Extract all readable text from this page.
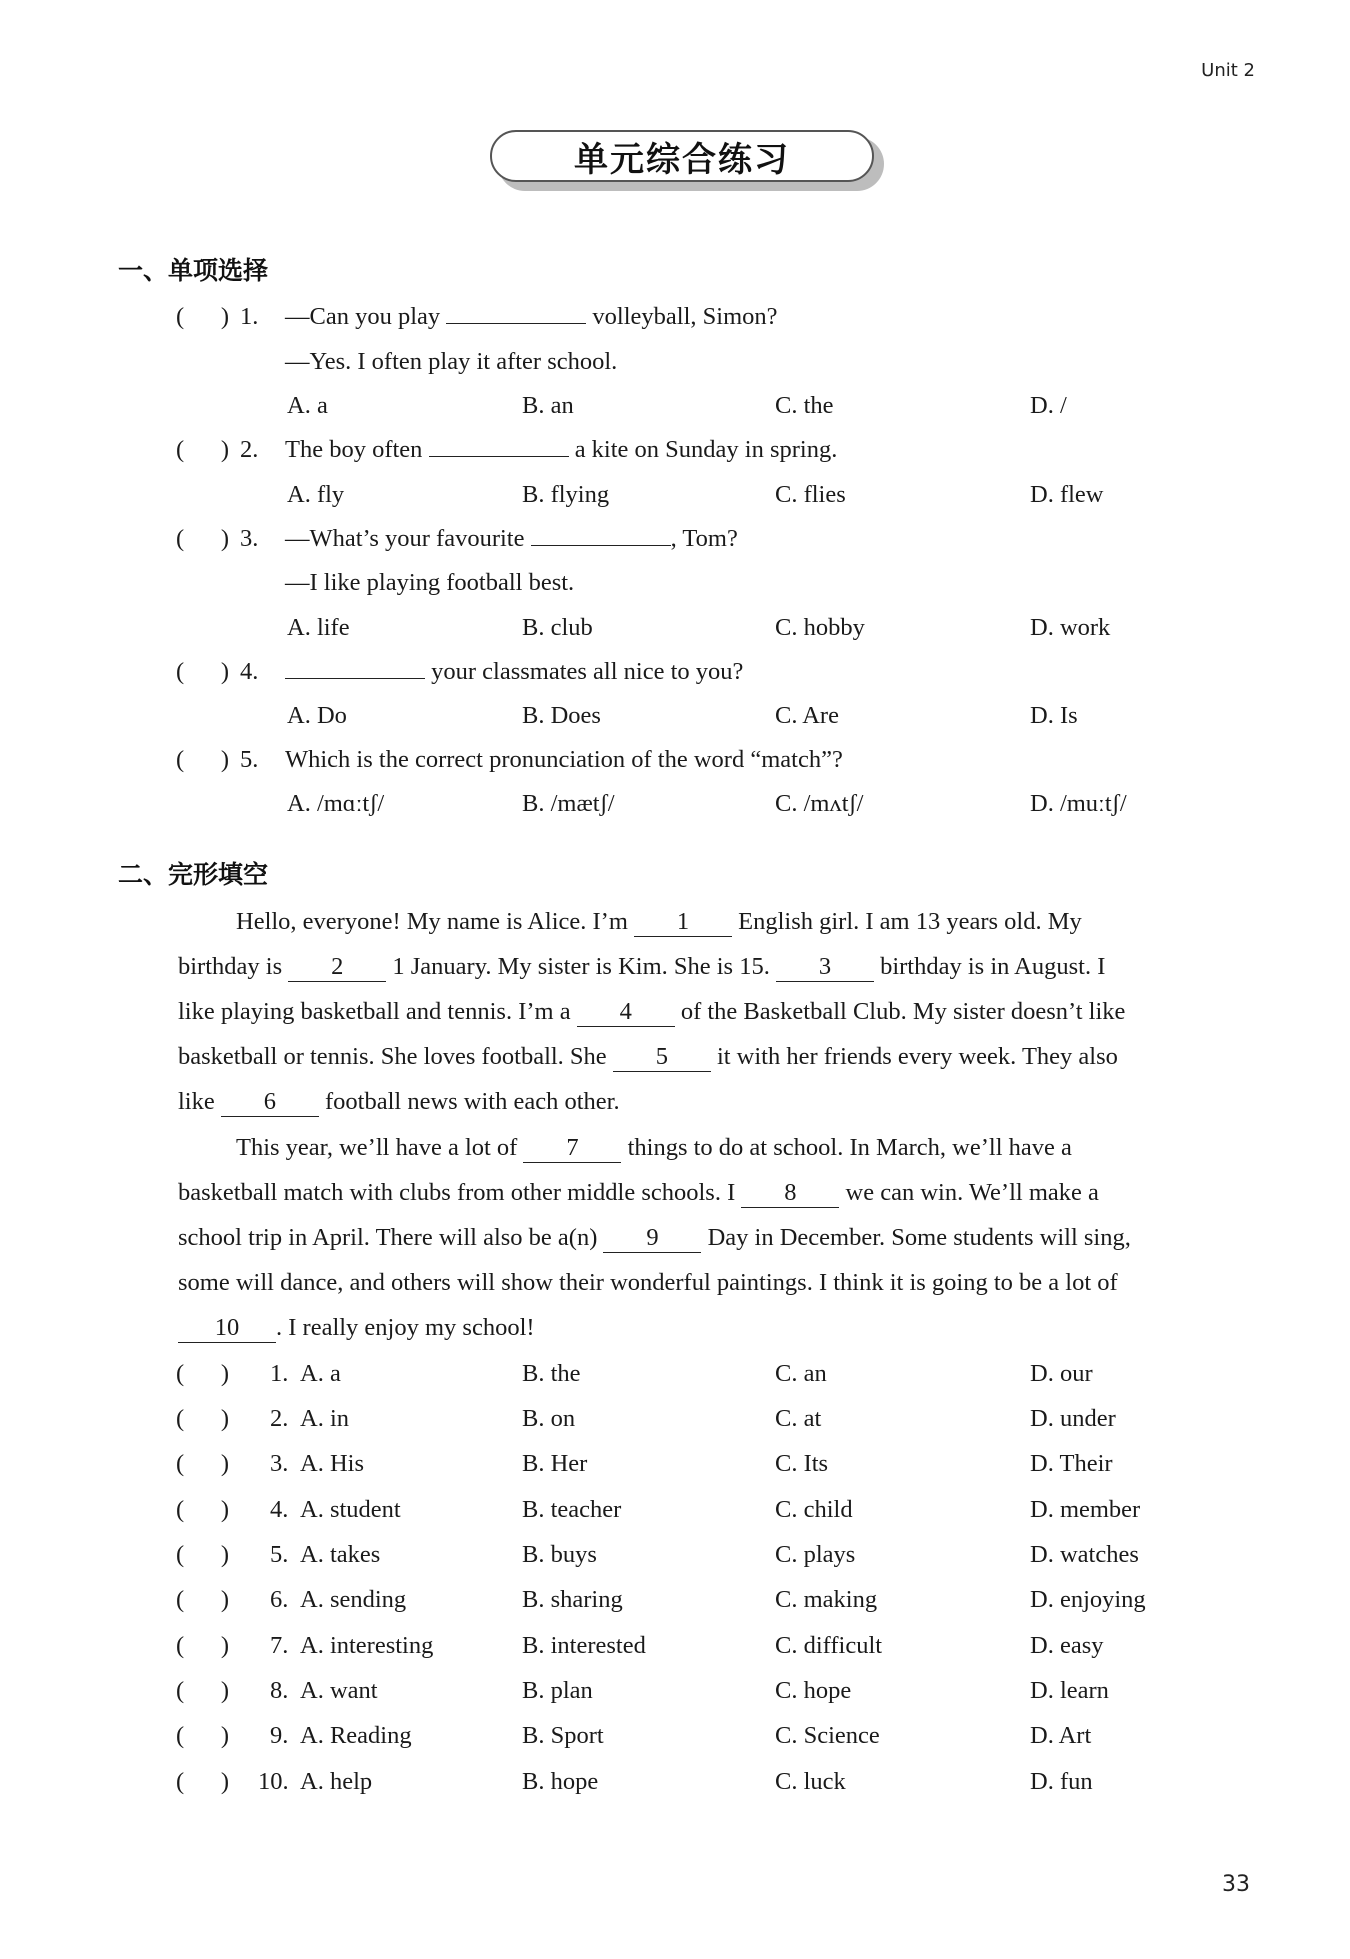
Unit 2
单元综合练习
一、单项选择
(      ) 1. —Can you play	volleyball, Simon?
—Yes. I often play it after school.
A. a	B. an	C. the	D. /
(      ) 2. The boy often	a kite on Sunday in spring.
A. fly	B. flying	C. flies	D. flew
(      ) 3. —What’s your favourite	, Tom?
—I like playing football best.
A. life	B. club	C. hobby	D. work
(      ) 4.	your classmates all nice to you?
A. Do	B. Does	C. Are	D. Is
(      ) 5. Which is the correct pronunciation of the word “match”?
A. /mɑːtʃ/	B. /mætʃ/	C. /mʌtʃ/	D. /muːtʃ/
二、完形填空
Hello, everyone! My name is Alice. I’m 1 English girl. I am 13 years old. My
birthday is 2 1 January. My sister is Kim. She is 15. 3 birthday is in August. I
like playing basketball and tennis. I’m a 4 of the Basketball Club. My sister doesn’t like
basketball or tennis. She loves football. She 5 it with her friends every week. They also
like 6 football news with each other.
This year, we’ll have a lot of 7 things to do at school. In March, we’ll have a
basketball match with clubs from other middle schools. I 8 we can win. We’ll make a
school trip in April. There will also be a(n) 9 Day in December. Some students will sing,
some will dance, and others will show their wonderful paintings. I think it is going to be a lot of
10 . I really enjoy my school!
(      ) 1. A. a	B. the	C. an	D. our
(      ) 2. A. in	B. on	C. at	D. under
(      ) 3. A. His	B. Her	C. Its	D. Their
(      ) 4. A. student	B. teacher	C. child	D. member
(      ) 5. A. takes	B. buys	C. plays	D. watches
(      ) 6. A. sending	B. sharing	C. making	D. enjoying
(      ) 7. A. interesting	B. interested	C. difficult	D. easy
(      ) 8. A. want	B. plan	C. hope	D. learn
(      ) 9. A. Reading	B. Sport	C. Science	D. Art
(      ) 10. A. help	B. hope	C. luck	D. fun
33
